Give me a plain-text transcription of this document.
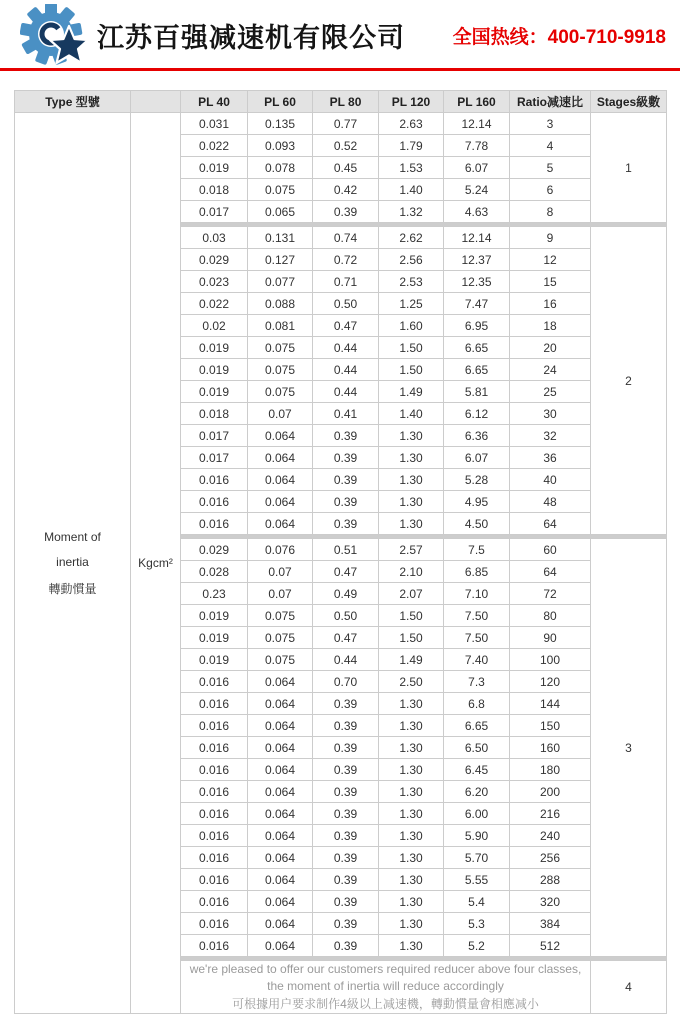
江苏百强减速机有限公司	全国热线：400-710-9918
Type 型號		PL 40	PL 60	PL 80	PL 120	PL 160	Ratio减速比	Stages級數

Moment of
inertia
轉動慣量	Kgcm²	0.031	0.135	0.77	2.63	12.14	3	1
		0.022	0.093	0.52	1.79	7.78	4	
		0.019	0.078	0.45	1.53	6.07	5	
		0.018	0.075	0.42	1.40	5.24	6	
		0.017	0.065	0.39	1.32	4.63	8	

		0.03	0.131	0.74	2.62	12.14	9	2
		0.029	0.127	0.72	2.56	12.37	12	
		0.023	0.077	0.71	2.53	12.35	15	
		0.022	0.088	0.50	1.25	7.47	16	
		0.02	0.081	0.47	1.60	6.95	18	
		0.019	0.075	0.44	1.50	6.65	20	
		0.019	0.075	0.44	1.50	6.65	24	
		0.019	0.075	0.44	1.49	5.81	25	
		0.018	0.07	0.41	1.40	6.12	30	
		0.017	0.064	0.39	1.30	6.36	32	
		0.017	0.064	0.39	1.30	6.07	36	
		0.016	0.064	0.39	1.30	5.28	40	
		0.016	0.064	0.39	1.30	4.95	48	
		0.016	0.064	0.39	1.30	4.50	64	

		0.029	0.076	0.51	2.57	7.5	60	3
		0.028	0.07	0.47	2.10	6.85	64	
		0.23	0.07	0.49	2.07	7.10	72	
		0.019	0.075	0.50	1.50	7.50	80	
		0.019	0.075	0.47	1.50	7.50	90	
		0.019	0.075	0.44	1.49	7.40	100	
		0.016	0.064	0.70	2.50	7.3	120	
		0.016	0.064	0.39	1.30	6.8	144	
		0.016	0.064	0.39	1.30	6.65	150	
		0.016	0.064	0.39	1.30	6.50	160	
		0.016	0.064	0.39	1.30	6.45	180	
		0.016	0.064	0.39	1.30	6.20	200	
		0.016	0.064	0.39	1.30	6.00	216	
		0.016	0.064	0.39	1.30	5.90	240	
		0.016	0.064	0.39	1.30	5.70	256	
		0.016	0.064	0.39	1.30	5.55	288	
		0.016	0.064	0.39	1.30	5.4	320	
		0.016	0.064	0.39	1.30	5.3	384	
		0.016	0.064	0.39	1.30	5.2	512	

		we're pleased to offer our customers required reducer above four classes, the moment of inertia will reduce accordingly
可根據用户要求制作4級以上减速機，轉動慣量會相應减小						4
